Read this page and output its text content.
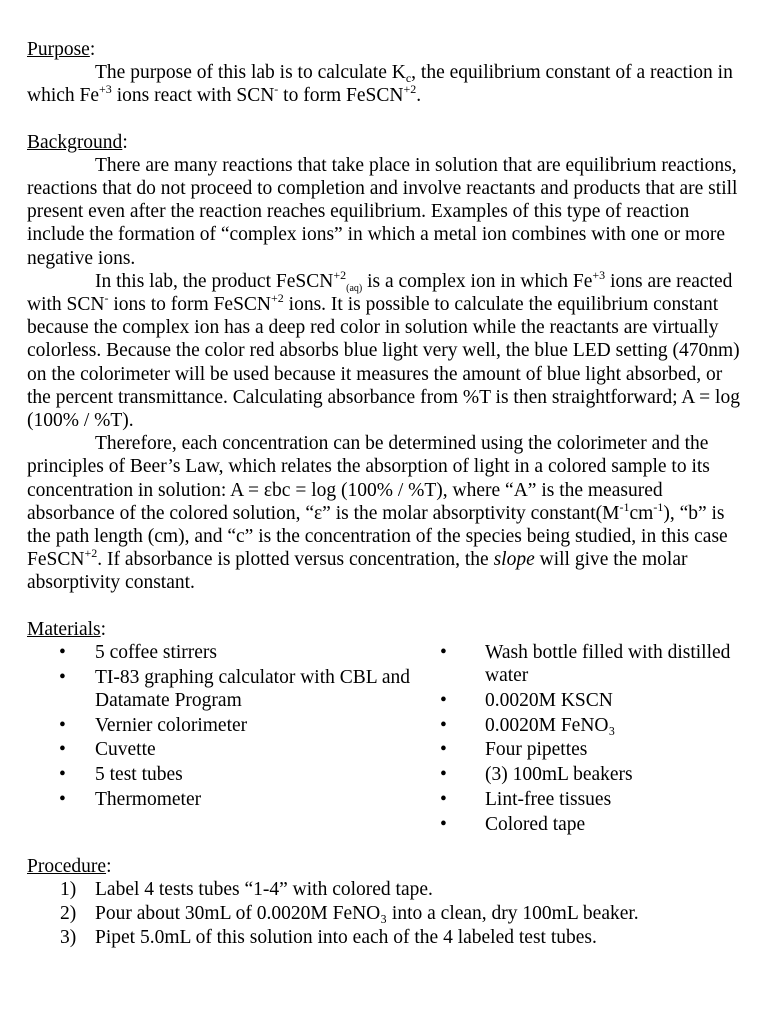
Purpose:

The purpose of this lab is to calculate $K_c$, the equilibrium constant of a reaction in which $Fe^{+3}$ ions react with SCN- to form FeSCN$^{+2}$.

Background:

There are many reactions that take place in solution that are equilibrium reactions, reactions that do not proceed to completion and involve reactants and products that are still present even after the reaction reaches equilibrium. Examples of this type of reaction include the formation of “complex ions” in which a metal ion combines with one or more negative ions.

In this lab, the product FeSCN$^{+2}_{(aq)}$ is a complex ion in which $Fe^{+3}$ ions are reacted with SCN- ions to form FeSCN$^{+2}$ ions. It is possible to calculate the equilibrium constant because the complex ion has a deep red color in solution while the reactants are virtually colorless. Because the color red absorbs blue light very well, the blue LED setting (470nm) on the colorimeter will be used because it measures the amount of blue light absorbed, or the percent transmittance. Calculating absorbance from %T is then straightforward; A = log (100% / %T).

Therefore, each concentration can be determined using the colorimeter and the principles of Beer’s Law, which relates the absorption of light in a colored sample to its concentration in solution: A = εbc = log (100% / %T), where “A” is the measured absorbance of the colored solution, “ε” is the molar absorptivity $constant(M^{-1}cm^{-1})$, “b” is the path length (cm), and “c” is the concentration of the species being studied, in this case FeSCN$^{+2}$. If absorbance is plotted versus concentration, the slope will give the molar absorptivity constant.

Materials:

• 5 coffee stirrers
• TI-83 graphing calculator with CBL and Datamate Program
• Vernier colorimeter
• Cuvette
• 5 test tubes
• Thermometer
• Wash bottle filled with distilled water
• 0.0020M KSCN
• 0.0020M FeNO₃
• Four pipettes
• (3) 100mL beakers
• Lint-free tissues
• Colored tape

Procedure:

1) Label 4 tests tubes “1-4” with colored tape.
2) Pour about 30mL of 0.0020M FeNO₃ into a clean, dry 100mL beaker.
3) Pipet 5.0mL of this solution into each of the 4 labeled test tubes.
